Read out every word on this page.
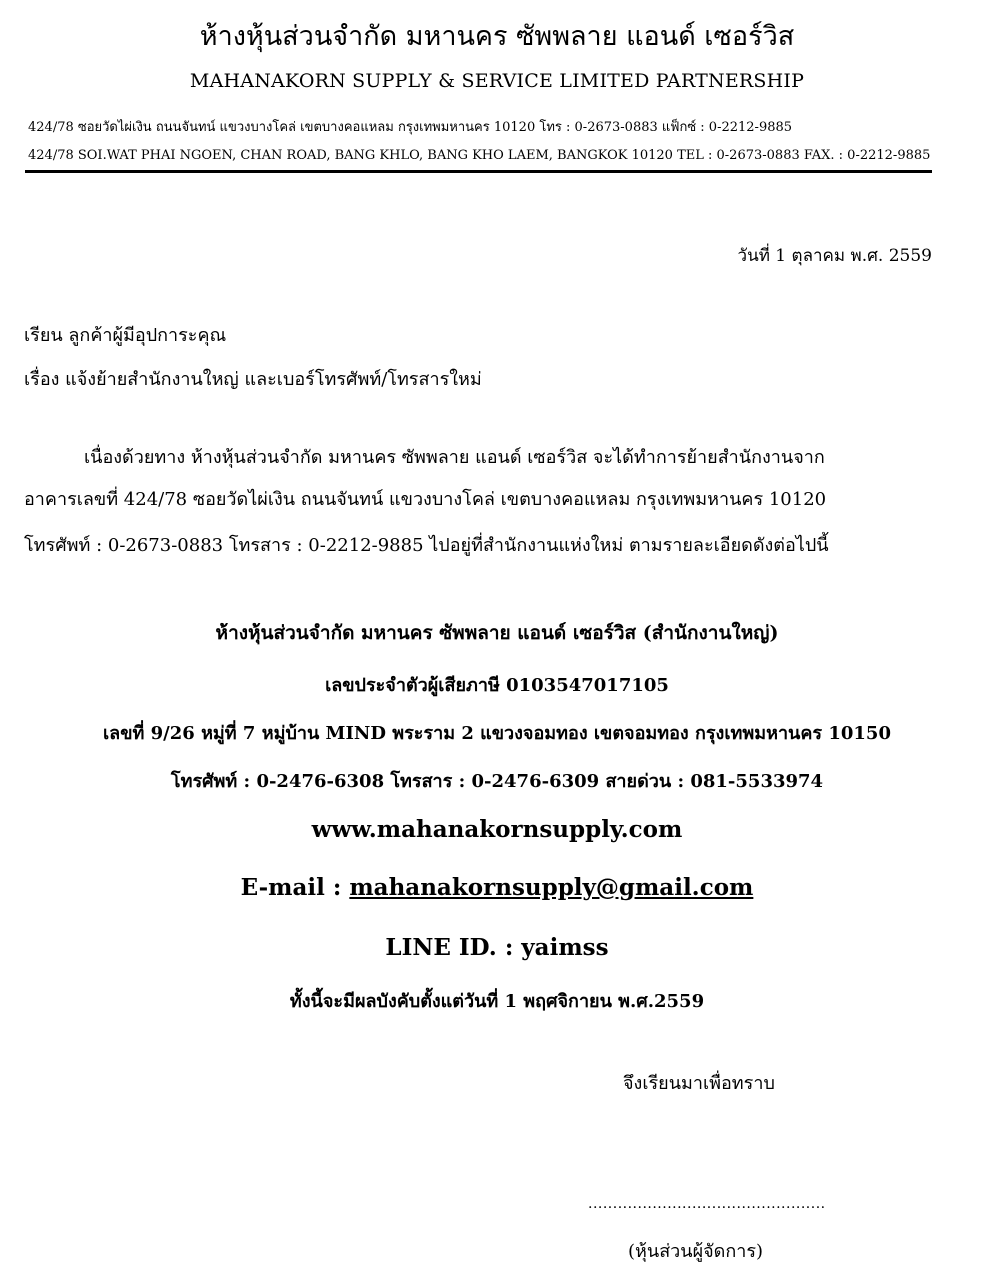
ห้างหุ้นส่วนจำกัด มหานคร ซัพพลาย แอนด์ เซอร์วิส
MAHANAKORN SUPPLY & SERVICE LIMITED PARTNERSHIP
424/78 ซอยวัดไผ่เงิน ถนนจันทน์ แขวงบางโคล่ เขตบางคอแหลม กรุงเทพมหานคร 10120 โทร : 0-2673-0883 แฟ็กซ์ : 0-2212-9885
424/78 SOI.WAT PHAI NGOEN, CHAN ROAD, BANG KHLO, BANG KHO LAEM, BANGKOK 10120 TEL : 0-2673-0883 FAX. : 0-2212-9885
วันที่ 1 ตุลาคม พ.ศ. 2559
เรียน ลูกค้าผู้มีอุปการะคุณ
เรื่อง แจ้งย้ายสำนักงานใหญ่ และเบอร์โทรศัพท์/โทรสารใหม่
เนื่องด้วยทาง ห้างหุ้นส่วนจำกัด มหานคร ซัพพลาย แอนด์ เซอร์วิส จะได้ทำการย้ายสำนักงานจาก
อาคารเลขที่ 424/78 ซอยวัดไผ่เงิน ถนนจันทน์ แขวงบางโคล่ เขตบางคอแหลม กรุงเทพมหานคร 10120
โทรศัพท์ : 0-2673-0883 โทรสาร : 0-2212-9885 ไปอยู่ที่สำนักงานแห่งใหม่ ตามรายละเอียดดังต่อไปนี้
ห้างหุ้นส่วนจำกัด มหานคร ซัพพลาย แอนด์ เซอร์วิส (สำนักงานใหญ่)
เลขประจำตัวผู้เสียภาษี 0103547017105
เลขที่ 9/26 หมู่ที่ 7 หมู่บ้าน MIND พระราม 2 แขวงจอมทอง เขตจอมทอง กรุงเทพมหานคร 10150
โทรศัพท์ : 0-2476-6308 โทรสาร : 0-2476-6309 สายด่วน : 081-5533974
www.mahanakornsupply.com
E-mail : mahanakornsupply@gmail.com
LINE ID. : yaimss
ทั้งนี้จะมีผลบังคับตั้งแต่วันที่ 1 พฤศจิกายน พ.ศ.2559
จึงเรียนมาเพื่อทราบ
................................................
(หุ้นส่วนผู้จัดการ)
